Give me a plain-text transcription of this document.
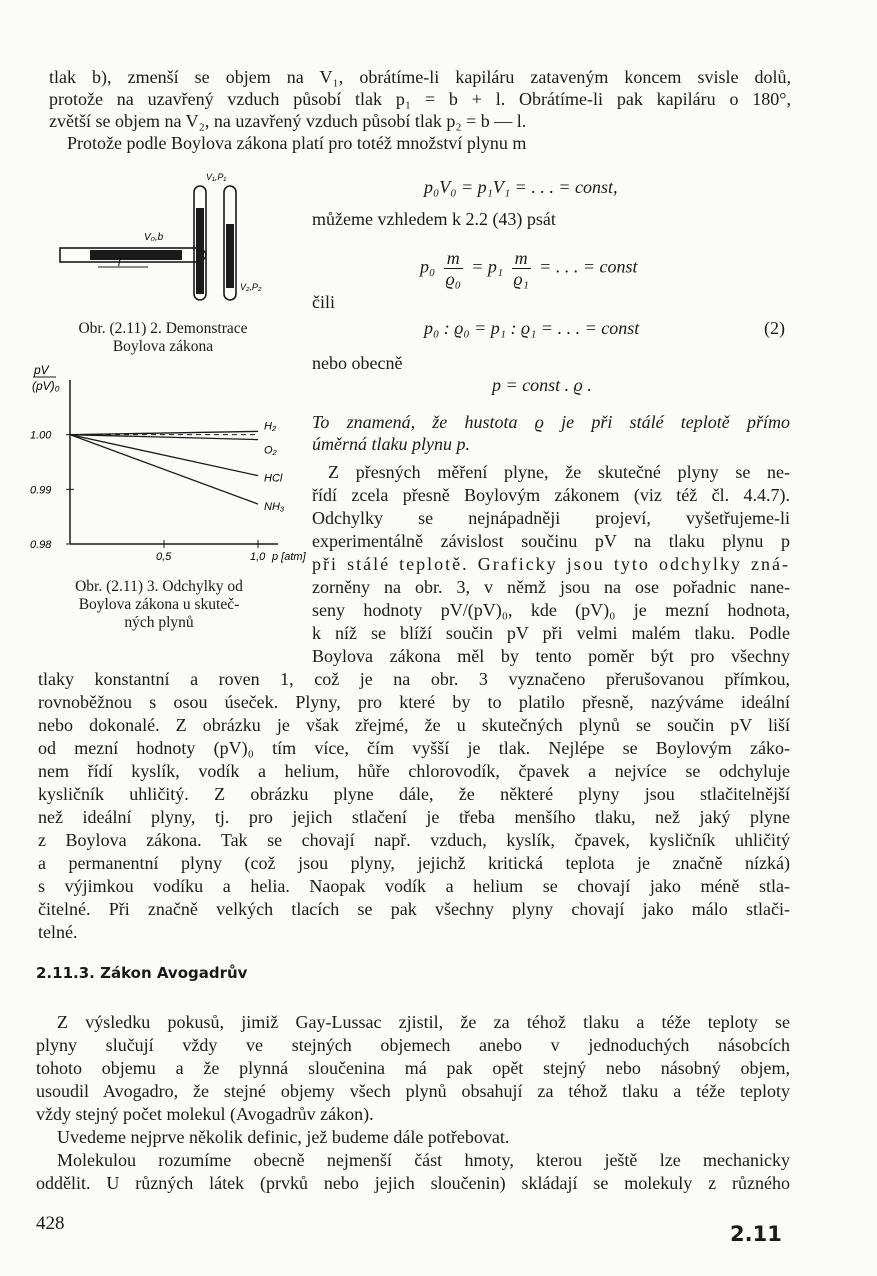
tlak b), zmenší se objem na V₁, obrátíme-li kapiláru zataveným koncem svisle dolů,
protože na uzavřený vzduch působí tlak p₁ = b + l. Obrátíme-li pak kapiláru o 180°,
zvětší se objem na V₂, na uzavřený vzduch působí tlak p₂ = b — l.
Protože podle Boylova zákona platí pro totéž množství plynu m
l
V₀,b
V₁,P₁
V₂,P₂
Obr. (2.11) 2. Demonstrace
Boylova zákona
p₀V₀ = p₁V₁ = . . . = const,
můžeme vzhledem k 2.2 (43) psát
$p_0 \frac{m}{\text{ϱ₀}} = p_1 \frac{m}{\text{ϱ₁}}$ = . . . = const
čili
p₀ : ϱ₀ = p₁ : ϱ₁ = . . . = const	(2)
nebo obecně
p = const . ϱ .
pV
(pV)₀
1.00
0.99
0.98
0,5	1,0 p [atm]
H₂
O₂
HCl
NH₃
Obr. (2.11) 3. Odchylky od
Boylova zákona u skuteč-
ných plynů
To znamená, že hustota ϱ je při stálé teplotě přímo
úměrná tlaku plynu p.
Z přesných měření plyne, že skutečné plyny se ne-
řídí zcela přesně Boylovým zákonem (viz též čl. 4.4.7).
Odchylky se nejnápadněji projeví, vyšetřujeme-li
experimentálně závislost součinu pV na tlaku plynu p
při stálé teplotě. Graficky jsou tyto odchylky zná-
zorněny na obr. 3, v němž jsou na ose pořadnic nane-
seny hodnoty pV/(pV)₀, kde (pV)₀ je mezní hodnota,
k níž se blíží součin pV při velmi malém tlaku. Podle
Boylova zákona měl by tento poměr být pro všechny
tlaky konstantní a roven 1, což je na obr. 3 vyznačeno přerušovanou přímkou,
rovnoběžnou s osou úseček. Plyny, pro které by to platilo přesně, nazýváme ideální
nebo dokonalé. Z obrázku je však zřejmé, že u skutečných plynů se součin pV liší
od mezní hodnoty (pV)₀ tím více, čím vyšší je tlak. Nejlépe se Boylovým záko-
nem řídí kyslík, vodík a helium, hůře chlorovodík, čpavek a nejvíce se odchyluje
kysličník uhličitý. Z obrázku plyne dále, že některé plyny jsou stlačitelnější
než ideální plyny, tj. pro jejich stlačení je třeba menšího tlaku, než jaký plyne
z Boylova zákona. Tak se chovají např. vzduch, kyslík, čpavek, kysličník uhličitý
a permanentní plyny (což jsou plyny, jejichž kritická teplota je značně nízká)
s výjimkou vodíku a helia. Naopak vodík a helium se chovají jako méně stla-
čitelné. Při značně velkých tlacích se pak všechny plyny chovají jako málo stlači-
telné.
2.11.3. Zákon Avogadrův
Z výsledku pokusů, jimiž Gay-Lussac zjistil, že za téhož tlaku a téže teploty se
plyny slučují vždy ve stejných objemech anebo v jednoduchých násobcích
tohoto objemu a že plynná sloučenina má pak opět stejný nebo násobný objem,
usoudil Avogadro, že stejné objemy všech plynů obsahují za téhož tlaku a téže teploty
vždy stejný počet molekul (Avogadrův zákon).
Uvedeme nejprve několik definic, jež budeme dále potřebovat.
Molekulou rozumíme obecně nejmenší část hmoty, kterou ještě lze mechanicky
oddělit. U různých látek (prvků nebo jejich sloučenin) skládají se molekuly z různého
428	2.11
